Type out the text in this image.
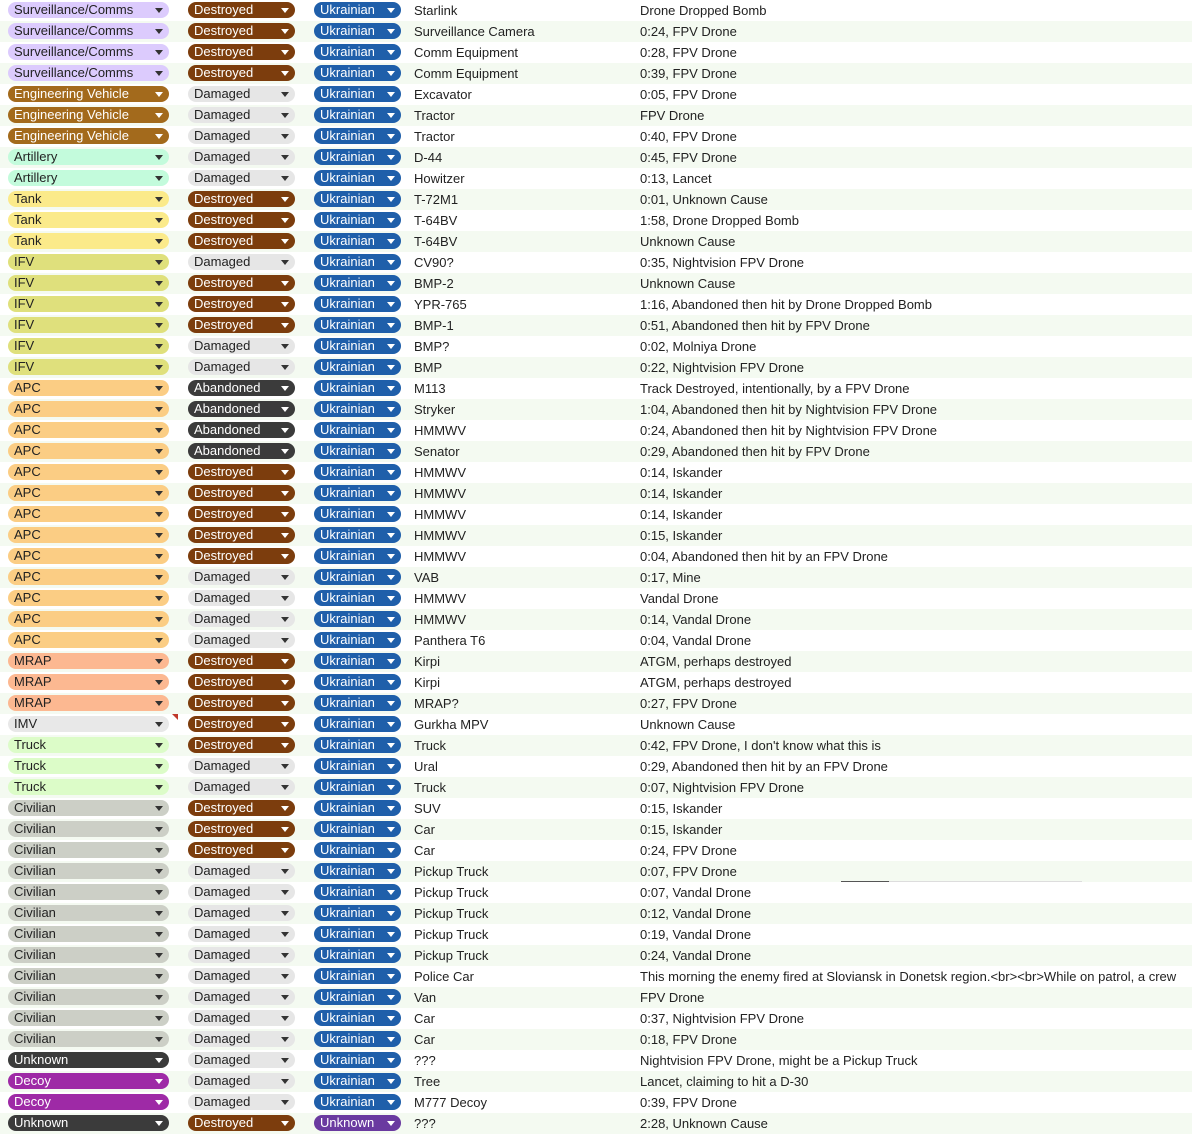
Surveillance/Comms	Destroyed	Ukrainian	Starlink	Drone Dropped Bomb
Surveillance/Comms	Destroyed	Ukrainian	Surveillance Camera	0:24, FPV Drone
Surveillance/Comms	Destroyed	Ukrainian	Comm Equipment	0:28, FPV Drone
Surveillance/Comms	Destroyed	Ukrainian	Comm Equipment	0:39, FPV Drone
Engineering Vehicle	Damaged	Ukrainian	Excavator	0:05, FPV Drone
Engineering Vehicle	Damaged	Ukrainian	Tractor	FPV Drone
Engineering Vehicle	Damaged	Ukrainian	Tractor	0:40, FPV Drone
Artillery	Damaged	Ukrainian	D-44	0:45, FPV Drone
Artillery	Damaged	Ukrainian	Howitzer	0:13, Lancet
Tank	Destroyed	Ukrainian	T-72M1	0:01, Unknown Cause
Tank	Destroyed	Ukrainian	T-64BV	1:58, Drone Dropped Bomb
Tank	Destroyed	Ukrainian	T-64BV	Unknown Cause
IFV	Damaged	Ukrainian	CV90?	0:35, Nightvision FPV Drone
IFV	Destroyed	Ukrainian	BMP-2	Unknown Cause
IFV	Destroyed	Ukrainian	YPR-765	1:16, Abandoned then hit by Drone Dropped Bomb
IFV	Destroyed	Ukrainian	BMP-1	0:51, Abandoned then hit by FPV Drone
IFV	Damaged	Ukrainian	BMP?	0:02, Molniya Drone
IFV	Damaged	Ukrainian	BMP	0:22, Nightvision FPV Drone
APC	Abandoned	Ukrainian	M113	Track Destroyed, intentionally, by a FPV Drone
APC	Abandoned	Ukrainian	Stryker	1:04, Abandoned then hit by Nightvision FPV Drone
APC	Abandoned	Ukrainian	HMMWV	0:24, Abandoned then hit by Nightvision FPV Drone
APC	Abandoned	Ukrainian	Senator	0:29, Abandoned then hit by FPV Drone
APC	Destroyed	Ukrainian	HMMWV	0:14, Iskander
APC	Destroyed	Ukrainian	HMMWV	0:14, Iskander
APC	Destroyed	Ukrainian	HMMWV	0:14, Iskander
APC	Destroyed	Ukrainian	HMMWV	0:15, Iskander
APC	Destroyed	Ukrainian	HMMWV	0:04, Abandoned then hit by an FPV Drone
APC	Damaged	Ukrainian	VAB	0:17, Mine
APC	Damaged	Ukrainian	HMMWV	Vandal Drone
APC	Damaged	Ukrainian	HMMWV	0:14, Vandal Drone
APC	Damaged	Ukrainian	Panthera T6	0:04, Vandal Drone
MRAP	Destroyed	Ukrainian	Kirpi	ATGM, perhaps destroyed
MRAP	Destroyed	Ukrainian	Kirpi	ATGM, perhaps destroyed
MRAP	Destroyed	Ukrainian	MRAP?	0:27, FPV Drone
IMV	Destroyed	Ukrainian	Gurkha MPV	Unknown Cause
Truck	Destroyed	Ukrainian	Truck	0:42, FPV Drone, I don't know what this is
Truck	Damaged	Ukrainian	Ural	0:29, Abandoned then hit by an FPV Drone
Truck	Damaged	Ukrainian	Truck	0:07, Nightvision FPV Drone
Civilian	Destroyed	Ukrainian	SUV	0:15, Iskander
Civilian	Destroyed	Ukrainian	Car	0:15, Iskander
Civilian	Destroyed	Ukrainian	Car	0:24, FPV Drone
Civilian	Damaged	Ukrainian	Pickup Truck	0:07, FPV Drone
Civilian	Damaged	Ukrainian	Pickup Truck	0:07, Vandal Drone
Civilian	Damaged	Ukrainian	Pickup Truck	0:12, Vandal Drone
Civilian	Damaged	Ukrainian	Pickup Truck	0:19, Vandal Drone
Civilian	Damaged	Ukrainian	Pickup Truck	0:24, Vandal Drone
Civilian	Damaged	Ukrainian	Police Car	This morning the enemy fired at Sloviansk in Donetsk region.<br><br>While on patrol, a crew
Civilian	Damaged	Ukrainian	Van	FPV Drone
Civilian	Damaged	Ukrainian	Car	0:37, Nightvision FPV Drone
Civilian	Damaged	Ukrainian	Car	0:18, FPV Drone
Unknown	Damaged	Ukrainian	???	Nightvision FPV Drone, might be a Pickup Truck
Decoy	Damaged	Ukrainian	Tree	Lancet, claiming to hit a D-30
Decoy	Damaged	Ukrainian	M777 Decoy	0:39, FPV Drone
Unknown	Destroyed	Unknown	???	2:28, Unknown Cause
